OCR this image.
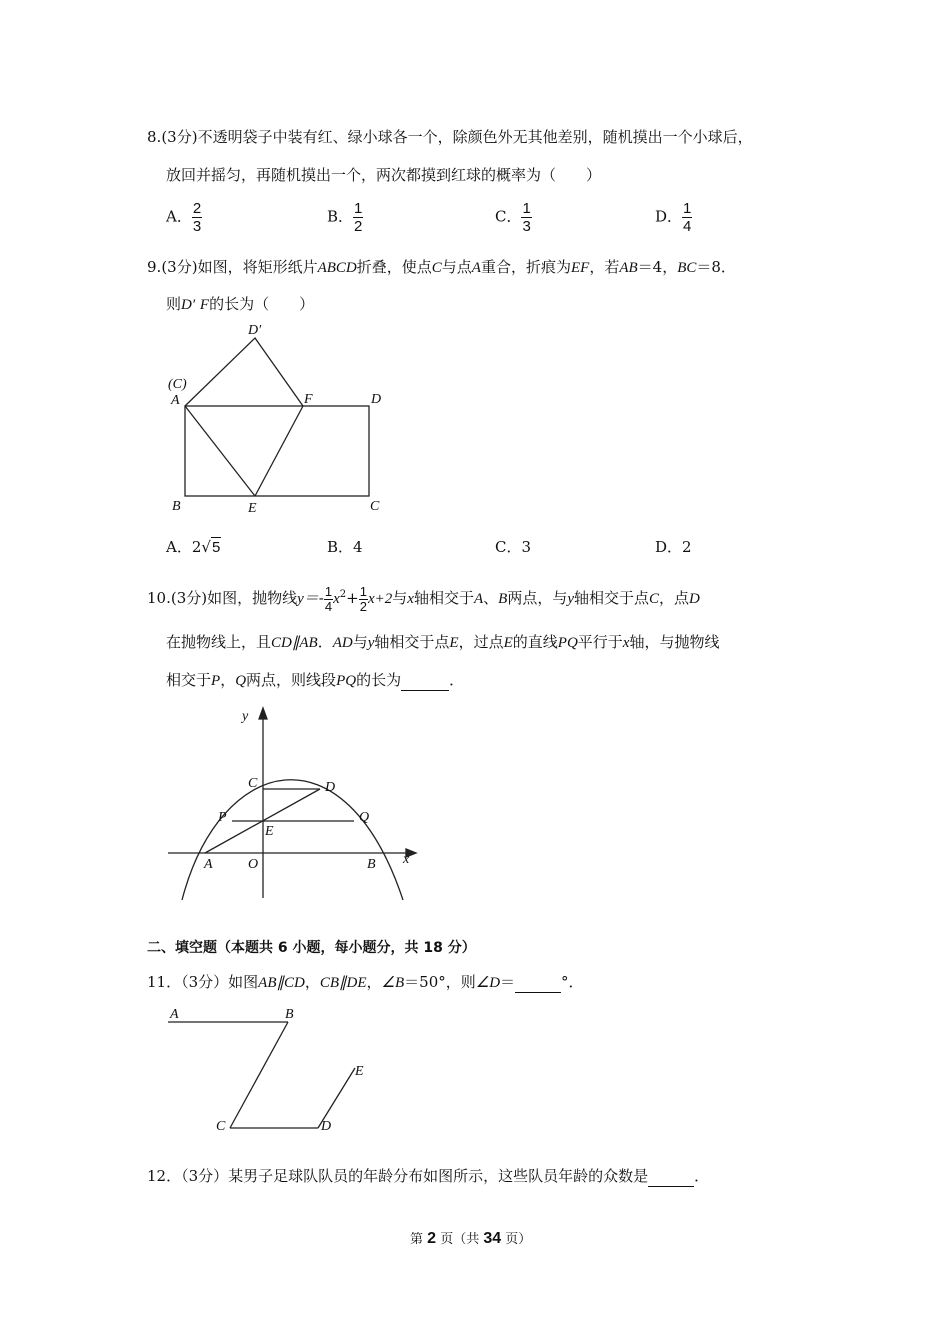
8.(3分)不透明袋子中装有红、绿小球各一个，除颜色外无其他差别，随机摸出一个小球后，
放回并摇匀，再随机摸出一个，两次都摸到红球的概率为（　　）
A． $\frac{2}{3}$	B． $\frac{1}{2}$	C． $\frac{1}{3}$	D． $\frac{1}{4}$
9.(3分)如图，将矩形纸片ABCD折叠，使点C与点A重合，折痕为EF，若AB＝4，BC＝8．
则D′ F的长为（　　）
D′
(C)
A	F	D
B	E	C
A．2√5	B．4	C．3	D．2
10.(3分)如图，抛物线$y=- \frac{1}{4} x^2+ \frac{1}{2} x+2$与x轴相交于A、B两点，与y轴相交于点C，点D
在抛物线上，且CD∥AB．AD与y轴相交于点E，过点E的直线PQ平行于x轴，与抛物线
相交于P，Q两点，则线段PQ的长为	．
y
x
C	D
P	Q
E
A	O	B
二、填空题（本题共 6 小题，每小题分，共 18 分）
11．（3分）如图AB∥CD，CB∥DE，∠B＝50°，则∠D＝	°．
A	B
C	D
E
12．（3分）某男子足球队队员的年龄分布如图所示，这些队员年龄的众数是	．
第 2 页（共 34 页）
